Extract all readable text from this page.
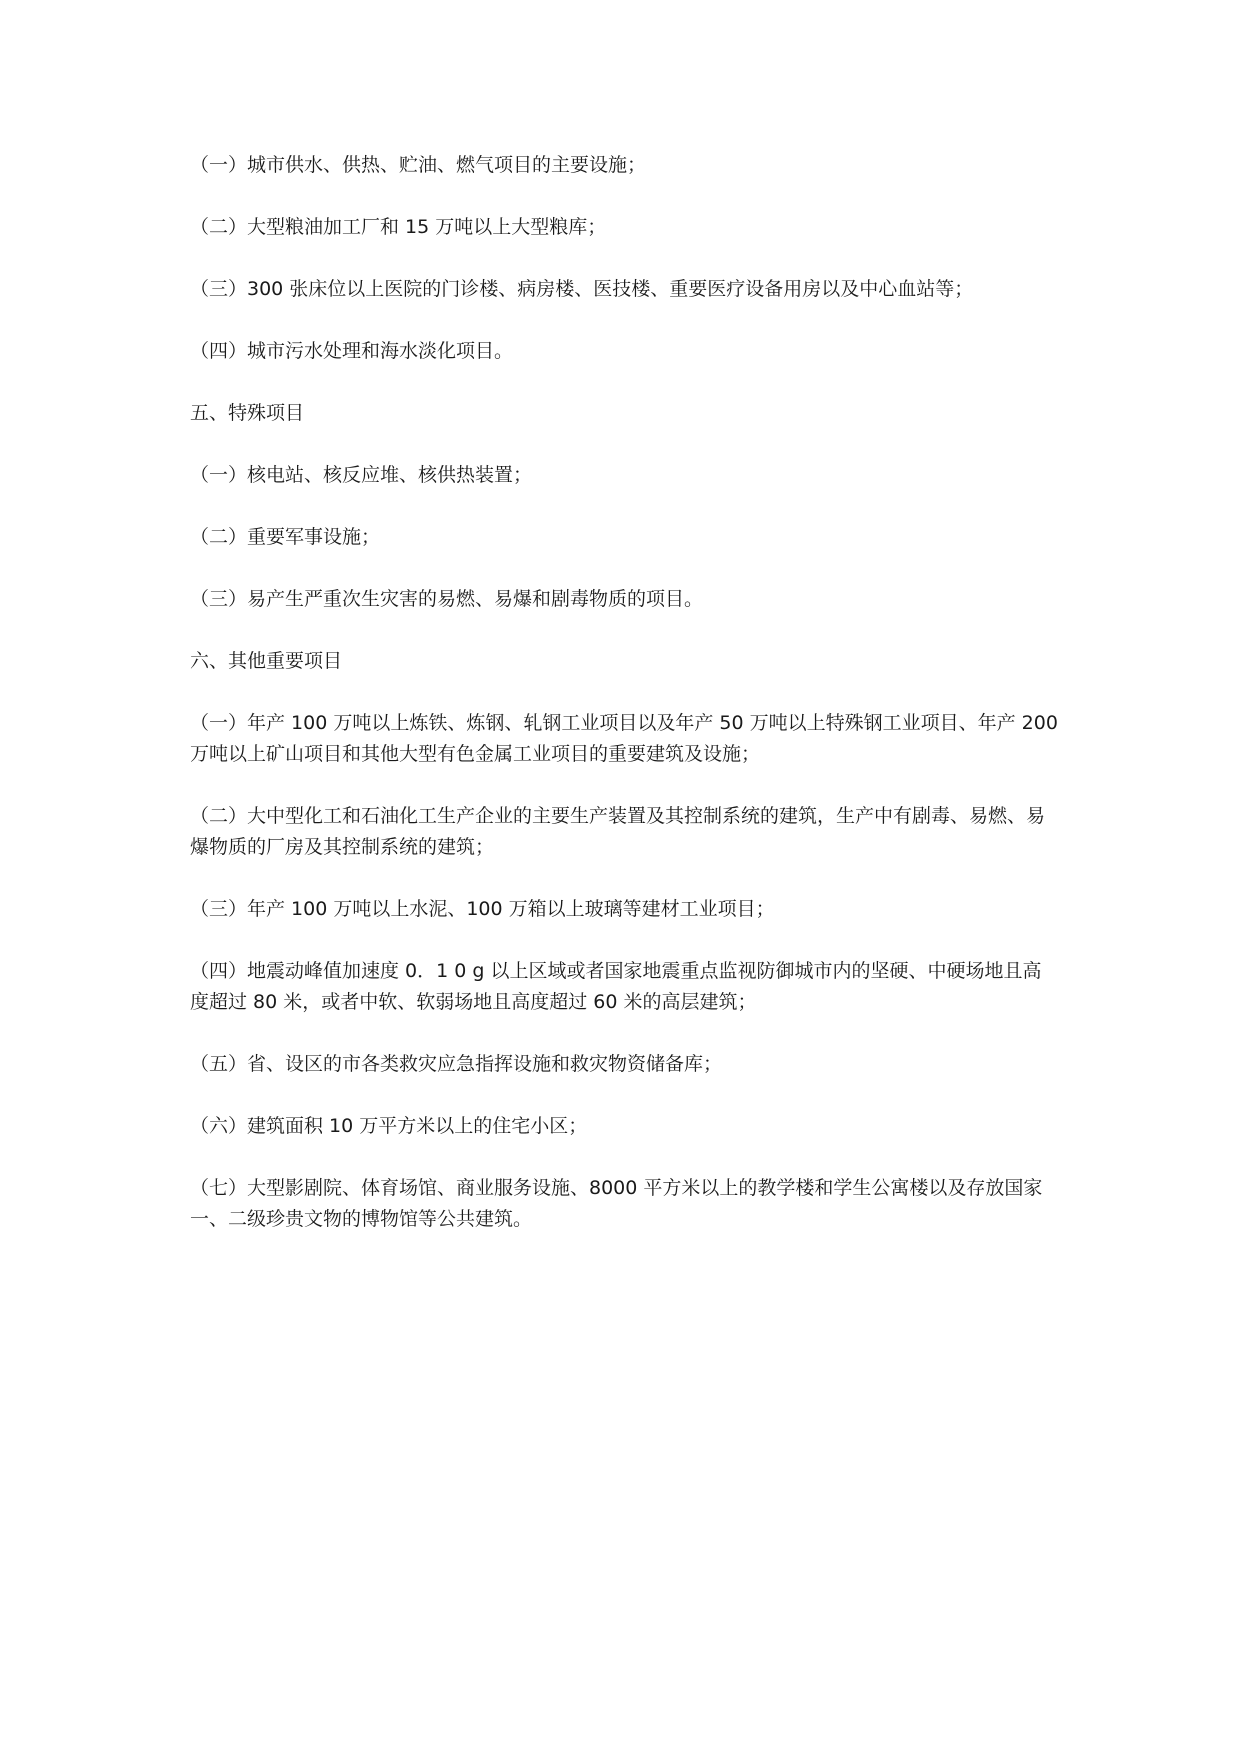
（一）城市供水、供热、贮油、燃气项目的主要设施；

（二）大型粮油加工厂和 15 万吨以上大型粮库；

（三）300 张床位以上医院的门诊楼、病房楼、医技楼、重要医疗设备用房以及中心血站等；

（四）城市污水处理和海水淡化项目。

五、特殊项目

（一）核电站、核反应堆、核供热装置；

（二）重要军事设施；

（三）易产生严重次生灾害的易燃、易爆和剧毒物质的项目。

六、其他重要项目

（一）年产 100 万吨以上炼铁、炼钢、轧钢工业项目以及年产 50 万吨以上特殊钢工业项目、年产 200 万吨以上矿山项目和其他大型有色金属工业项目的重要建筑及设施；

（二）大中型化工和石油化工生产企业的主要生产装置及其控制系统的建筑，生产中有剧毒、易燃、易爆物质的厂房及其控制系统的建筑；

（三）年产 100 万吨以上水泥、100 万箱以上玻璃等建材工业项目；

（四）地震动峰值加速度 0．1 0 g 以上区域或者国家地震重点监视防御城市内的坚硬、中硬场地且高度超过 80 米，或者中软、软弱场地且高度超过 60 米的高层建筑；

（五）省、设区的市各类救灾应急指挥设施和救灾物资储备库；

（六）建筑面积 10 万平方米以上的住宅小区；

（七）大型影剧院、体育场馆、商业服务设施、8000 平方米以上的教学楼和学生公寓楼以及存放国家一、二级珍贵文物的博物馆等公共建筑。
